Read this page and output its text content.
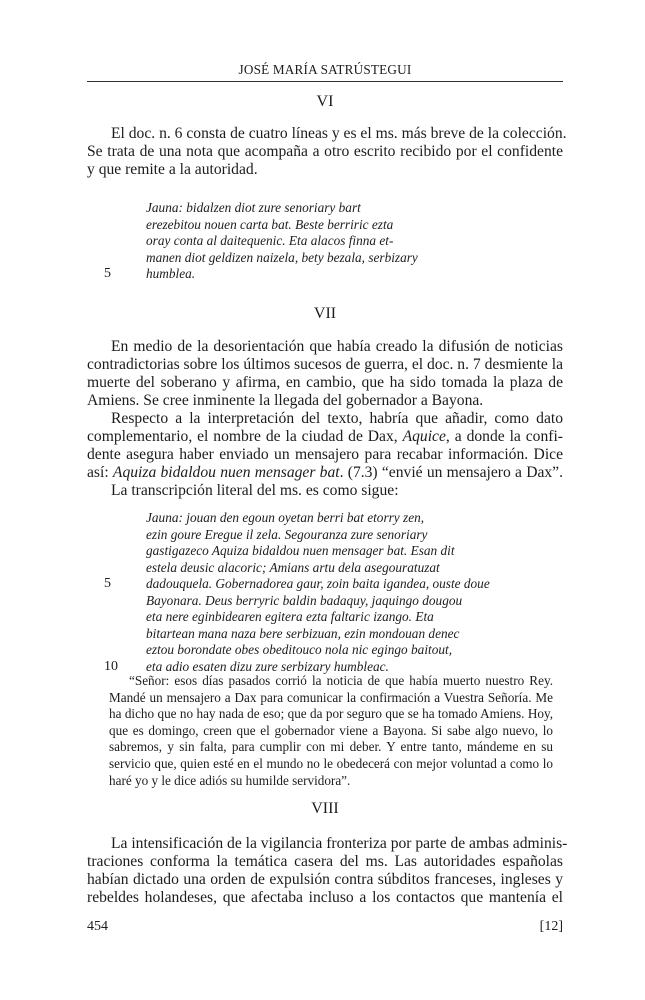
JOSÉ MARÍA SATRÚSTEGUI
VI
El doc. n. 6 consta de cuatro líneas y es el ms. más breve de la colección.
Se trata de una nota que acompaña a otro escrito recibido por el confidente
y que remite a la autoridad.
Jauna: bidalzen diot zure senoriary bart
erezebitou nouen carta bat. Beste berriric ezta
oray conta al daitequenic. Eta alacos finna et-
manen diot geldizen naizela, bety bezala, serbizary
5	humblea.
VII
En medio de la desorientación que había creado la difusión de noticias
contradictorias sobre los últimos sucesos de guerra, el doc. n. 7 desmiente la
muerte del soberano y afirma, en cambio, que ha sido tomada la plaza de
Amiens. Se cree inminente la llegada del gobernador a Bayona.
Respecto a la interpretación del texto, habría que añadir, como dato
complementario, el nombre de la ciudad de Dax, Aquice, a donde la confi-
dente asegura haber enviado un mensajero para recabar información. Dice
así: Aquiza bidaldou nuen mensager bat. (7.3) “envié un mensajero a Dax”.
La transcripción literal del ms. es como sigue:
Jauna: jouan den egoun oyetan berri bat etorry zen,
ezin goure Eregue il zela. Segouranza zure senoriary
gastigazeco Aquiza bidaldou nuen mensager bat. Esan dit
estela deusic alacoric; Amians artu dela asegouratuzat
5	dadouquela. Gobernadorea gaur, zoin baita igandea, ouste doue
Bayonara. Deus berryric baldin badaquy, jaquingo dougou
eta nere eginbidearen egitera ezta faltaric izango. Eta
bitartean mana naza bere serbizuan, ezin mondouan denec
eztou borondate obes obeditouco nola nic egingo baitout,
10 eta adio esaten dizu zure serbizary humbleac.
“Señor: esos días pasados corrió la noticia de que había muerto nuestro Rey.
Mandé un mensajero a Dax para comunicar la confirmación a Vuestra Señoría. Me
ha dicho que no hay nada de eso; que da por seguro que se ha tomado Amiens. Hoy,
que es domingo, creen que el gobernador viene a Bayona. Si sabe algo nuevo, lo
sabremos, y sin falta, para cumplir con mi deber. Y entre tanto, mándeme en su
servicio que, quien esté en el mundo no le obedecerá con mejor voluntad a como lo
haré yo y le dice adiós su humilde servidora”.
VIII
La intensificación de la vigilancia fronteriza por parte de ambas adminis-
traciones conforma la temática casera del ms. Las autoridades españolas
habían dictado una orden de expulsión contra súbditos franceses, ingleses y
rebeldes holandeses, que afectaba incluso a los contactos que mantenía el
454	[12]
